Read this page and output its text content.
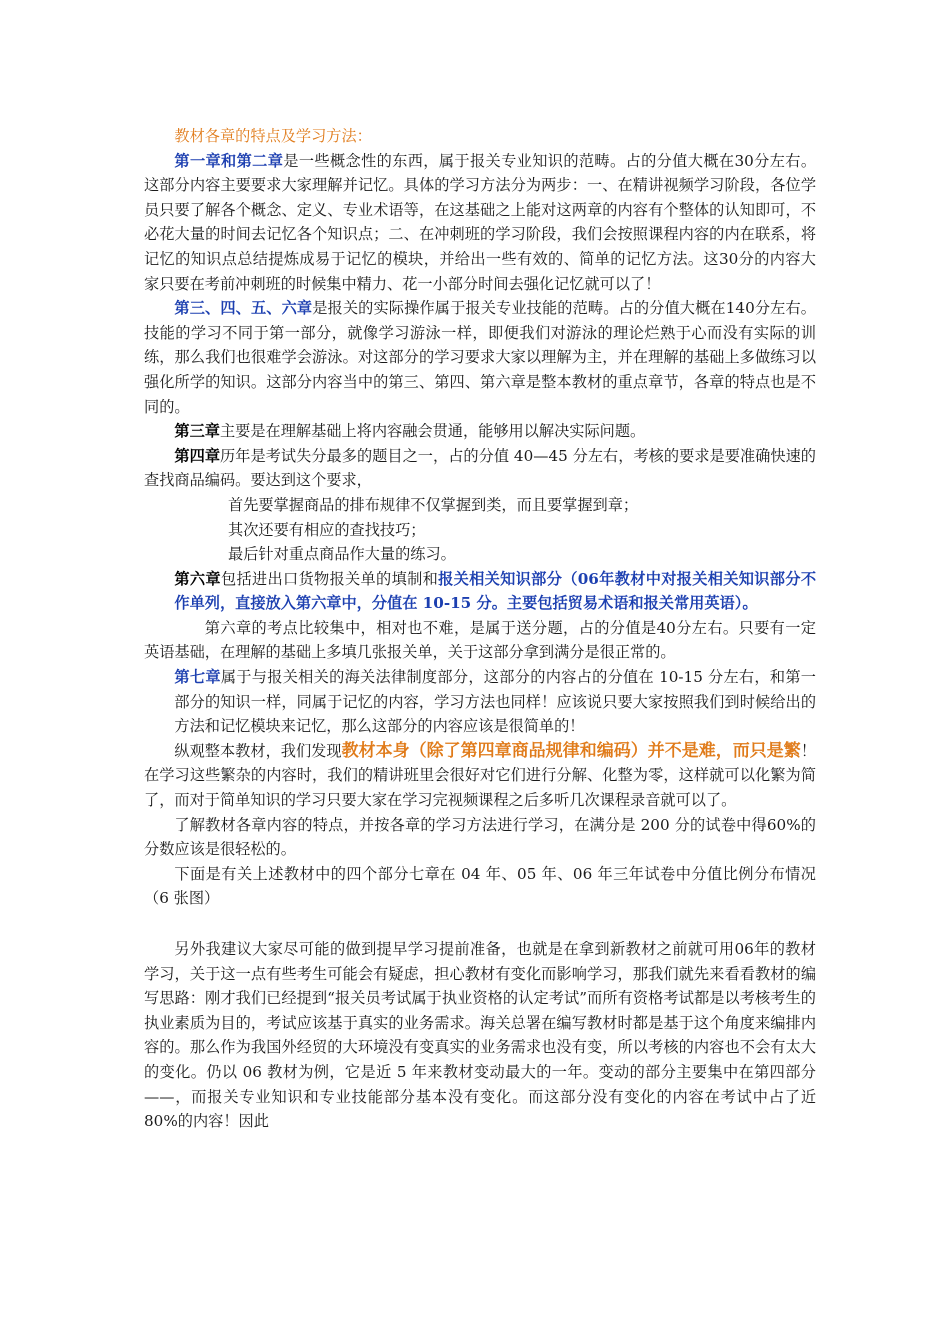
教材各章的特点及学习方法：

第一章和第二章是一些概念性的东西，属于报关专业知识的范畴。占的分值大概在30分左右。这部分内容主要要求大家理解并记忆。具体的学习方法分为两步：一、在精讲视频学习阶段，各位学员只要了解各个概念、定义、专业术语等，在这基础之上能对这两章的内容有个整体的认知即可，不必花大量的时间去记忆各个知识点；二、在冲刺班的学习阶段，我们会按照课程内容的内在联系，将记忆的知识点总结提炼成易于记忆的模块，并给出一些有效的、简单的记忆方法。这30分的内容大家只要在考前冲刺班的时候集中精力、花一小部分时间去强化记忆就可以了！

第三、四、五、六章是报关的实际操作属于报关专业技能的范畴。占的分值大概在140分左右。技能的学习不同于第一部分，就像学习游泳一样，即便我们对游泳的理论烂熟于心而没有实际的训练，那么我们也很难学会游泳。对这部分的学习要求大家以理解为主，并在理解的基础上多做练习以强化所学的知识。这部分内容当中的第三、第四、第六章是整本教材的重点章节，各章的特点也是不同的。

第三章主要是在理解基础上将内容融会贯通，能够用以解决实际问题。

第四章历年是考试失分最多的题目之一，占的分值 40—45 分左右，考核的要求是要准确快速的查找商品编码。要达到这个要求，

首先要掌握商品的排布规律不仅掌握到类，而且要掌握到章；

其次还要有相应的查找技巧；

最后针对重点商品作大量的练习。

第六章包括进出口货物报关单的填制和报关相关知识部分（06年教材中对报关相关知识部分不作单列，直接放入第六章中，分值在 10-15 分。主要包括贸易术语和报关常用英语）。

第六章的考点比较集中，相对也不难，是属于送分题，占的分值是40分左右。只要有一定英语基础，在理解的基础上多填几张报关单，关于这部分拿到满分是很正常的。

第七章属于与报关相关的海关法律制度部分，这部分的内容占的分值在 10-15 分左右，和第一部分的知识一样，同属于记忆的内容，学习方法也同样！应该说只要大家按照我们到时候给出的方法和记忆模块来记忆，那么这部分的内容应该是很简单的！

纵观整本教材，我们发现教材本身（除了第四章商品规律和编码）并不是难，而只是繁！在学习这些繁杂的内容时，我们的精讲班里会很好对它们进行分解、化整为零，这样就可以化繁为简了，而对于简单知识的学习只要大家在学习完视频课程之后多听几次课程录音就可以了。

了解教材各章内容的特点，并按各章的学习方法进行学习，在满分是 200 分的试卷中得60%的分数应该是很轻松的。

下面是有关上述教材中的四个部分七章在 04 年、05 年、06 年三年试卷中分值比例分布情况（6 张图）

另外我建议大家尽可能的做到提早学习提前准备，也就是在拿到新教材之前就可用06年的教材学习，关于这一点有些考生可能会有疑虑，担心教材有变化而影响学习，那我们就先来看看教材的编写思路：刚才我们已经提到“报关员考试属于执业资格的认定考试”而所有资格考试都是以考核考生的执业素质为目的，考试应该基于真实的业务需求。海关总署在编写教材时都是基于这个角度来编排内容的。那么作为我国外经贸的大环境没有变真实的业务需求也没有变，所以考核的内容也不会有太大的变化。仍以 06 教材为例，它是近 5 年来教材变动最大的一年。变动的部分主要集中在第四部分——，而报关专业知识和专业技能部分基本没有变化。而这部分没有变化的内容在考试中占了近 80%的内容！因此
